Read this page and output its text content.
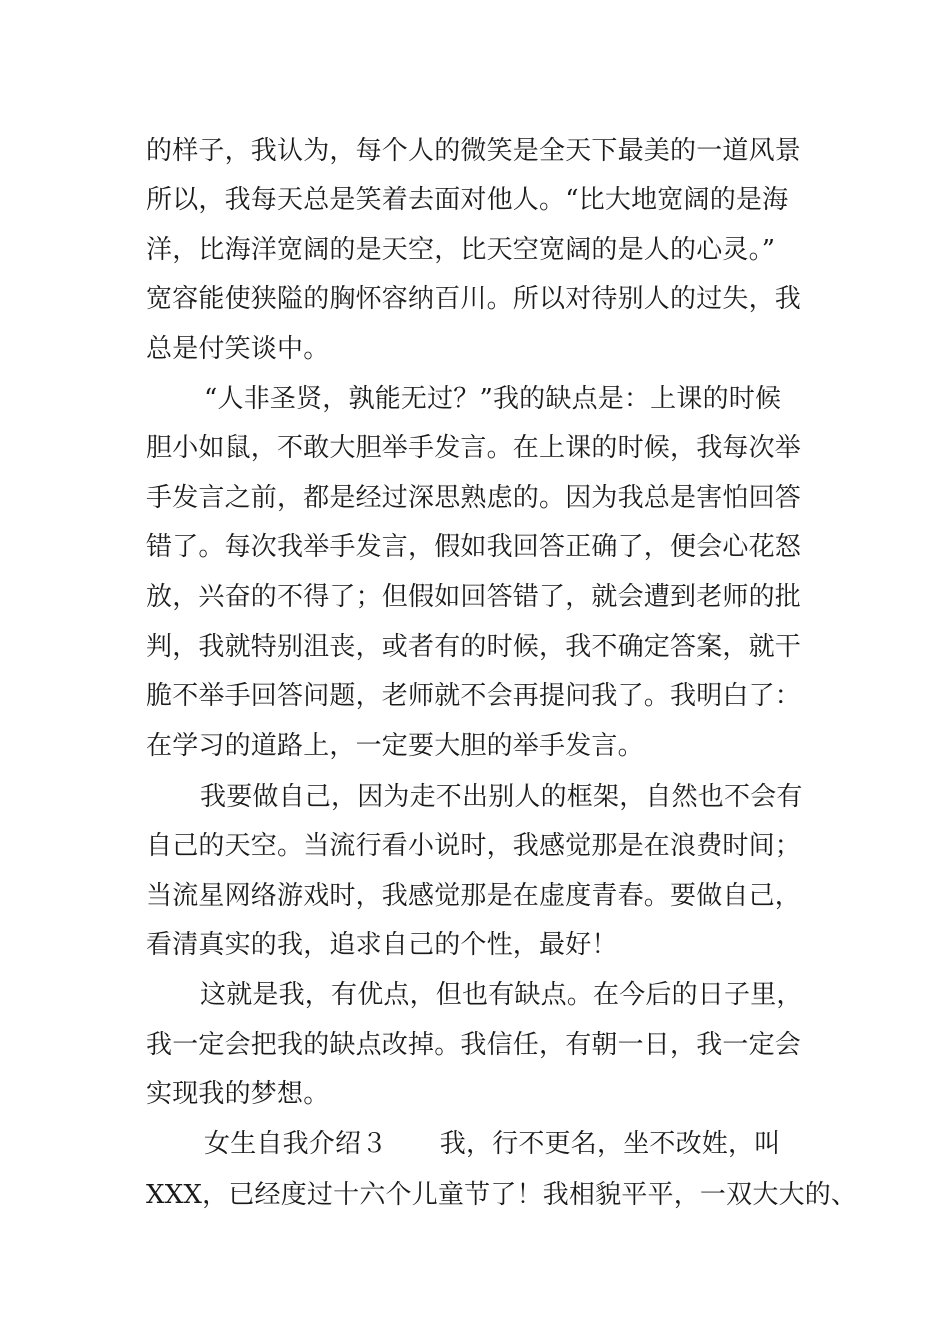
的样子，我认为，每个人的微笑是全天下最美的一道风景
所以，我每天总是笑着去面对他人。“比大地宽阔的是海
洋，比海洋宽阔的是天空，比天空宽阔的是人的心灵。”
宽容能使狭隘的胸怀容纳百川。所以对待别人的过失，我
总是付笑谈中。
“人非圣贤，孰能无过？”我的缺点是：上课的时候
胆小如鼠，不敢大胆举手发言。在上课的时候，我每次举
手发言之前，都是经过深思熟虑的。因为我总是害怕回答
错了。每次我举手发言，假如我回答正确了，便会心花怒
放，兴奋的不得了；但假如回答错了，就会遭到老师的批
判，我就特别沮丧，或者有的时候，我不确定答案，就干
脆不举手回答问题，老师就不会再提问我了。我明白了：
在学习的道路上，一定要大胆的举手发言。
我要做自己，因为走不出别人的框架，自然也不会有
自己的天空。当流行看小说时，我感觉那是在浪费时间；
当流星网络游戏时，我感觉那是在虚度青春。要做自己，
看清真实的我，追求自己的个性，最好！
这就是我，有优点，但也有缺点。在今后的日子里，
我一定会把我的缺点改掉。我信任，有朝一日，我一定会
实现我的梦想。
女生自我介绍３　　我，行不更名，坐不改姓，叫
XXX，已经度过十六个儿童节了！我相貌平平，一双大大的、
